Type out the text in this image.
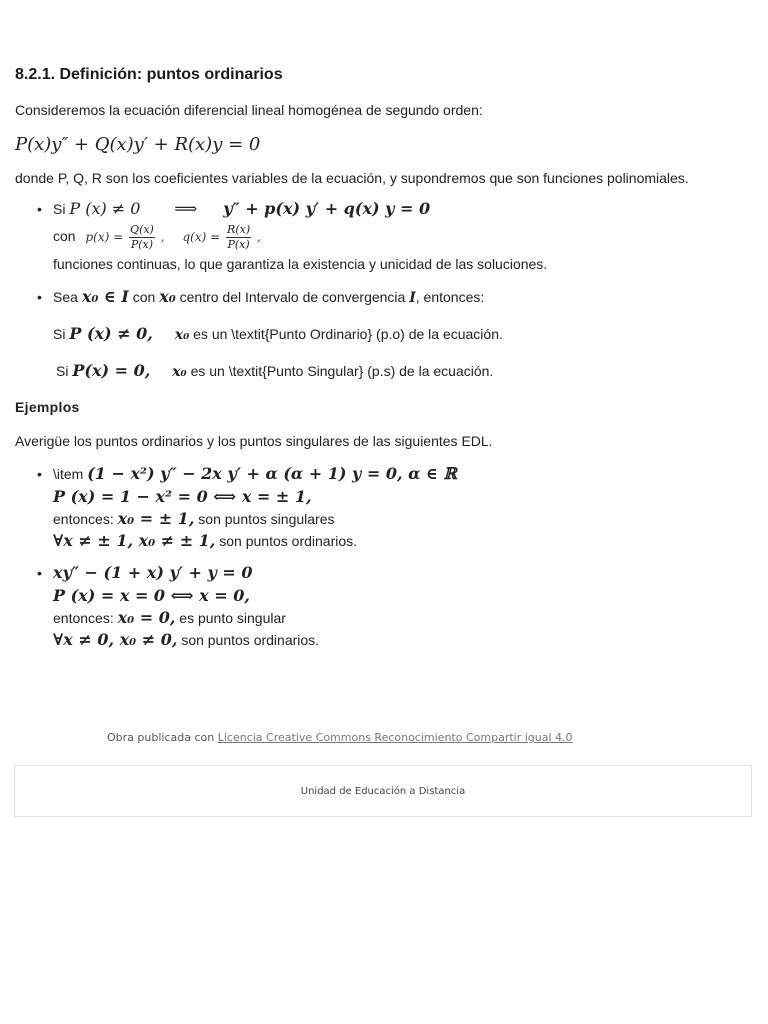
8.2.1. Definición: puntos ordinarios

Consideremos la ecuación diferencial lineal homogénea de segundo orden:

P(x)y″ + Q(x)y′ + R(x)y = 0

donde P, Q, R son los coeficientes variables de la ecuación, y supondremos que son funciones polinomiales.

• Si P (x) ≠ 0 ⟹ y″ + p(x) y′ + q(x) y = 0
con $p(x) = \frac{Q(x)}{P(x)}$ , $q(x) = \frac{R(x)}{P(x)}$ ,
funciones continuas, lo que garantiza la existencia y unicidad de las soluciones.
• Sea x₀ ∈ I con x₀ centro del Intervalo de convergencia I, entonces:
Si P (x) ≠ 0, x₀ es un \textit{Punto Ordinario} (p.o) de la ecuación.
Si P(x) = 0, x₀ es un \textit{Punto Singular} (p.s) de la ecuación.
Ejemplos

Averigüe los puntos ordinarios y los puntos singulares de las siguientes EDL.

• \item (1 − x²) y″ − 2x y′ + α (α + 1) y = 0, α ∈ ℝ
P (x) = 1 − x² = 0 ⟺ x = ± 1,
entonces: x₀ = ± 1, son puntos singulares
∀x ≠ ± 1, x₀ ≠ ± 1, son puntos ordinarios.
• xy″ − (1 + x) y′ + y = 0
P (x) = x = 0 ⟺ x = 0,
entonces: x₀ = 0, es punto singular
∀x ≠ 0, x₀ ≠ 0, son puntos ordinarios.
Obra publicada con Licencia Creative Commons Reconocimiento Compartir igual 4.0
Unidad de Educación a Distancia
